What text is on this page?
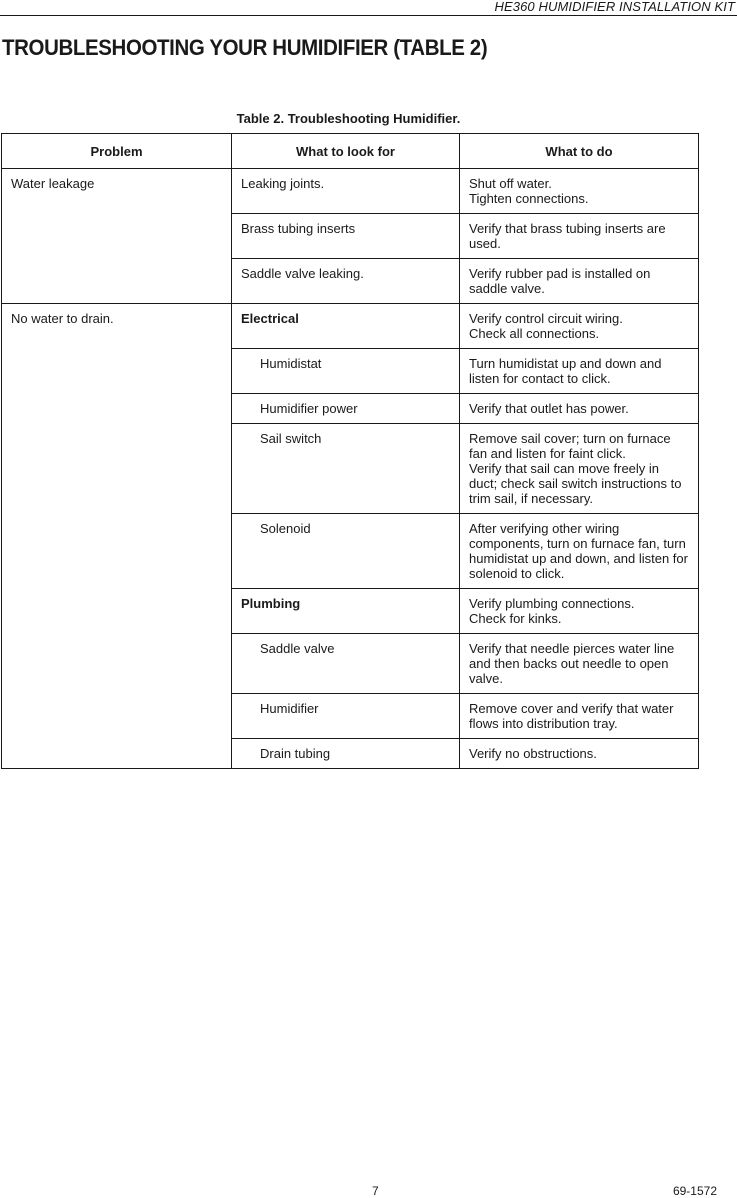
HE360 HUMIDIFIER INSTALLATION KIT
TROUBLESHOOTING YOUR HUMIDIFIER (TABLE 2)
Table 2. Troubleshooting Humidifier.
Problem	What to look for	What to do
Water leakage	Leaking joints.	Shut off water.
Tighten connections.

	Brass tubing inserts	Verify that brass tubing inserts are used.

	Saddle valve leaking.	Verify rubber pad is installed on saddle valve.

No water to drain.	Electrical	Verify control circuit wiring.
Check all connections.

	Humidistat	Turn humidistat up and down and listen for contact to click.

	Humidifier power	Verify that outlet has power.

	Sail switch	Remove sail cover; turn on furnace fan and listen for faint click.
Verify that sail can move freely in duct; check sail switch instructions to trim sail, if necessary.

	Solenoid	After verifying other wiring components, turn on furnace fan, turn humidistat up and down, and listen for solenoid to click.

	Plumbing	Verify plumbing connections.
Check for kinks.

	Saddle valve	Verify that needle pierces water line and then backs out needle to open valve.

	Humidifier	Remove cover and verify that water flows into distribution tray.

	Drain tubing	Verify no obstructions.
7	69-1572
